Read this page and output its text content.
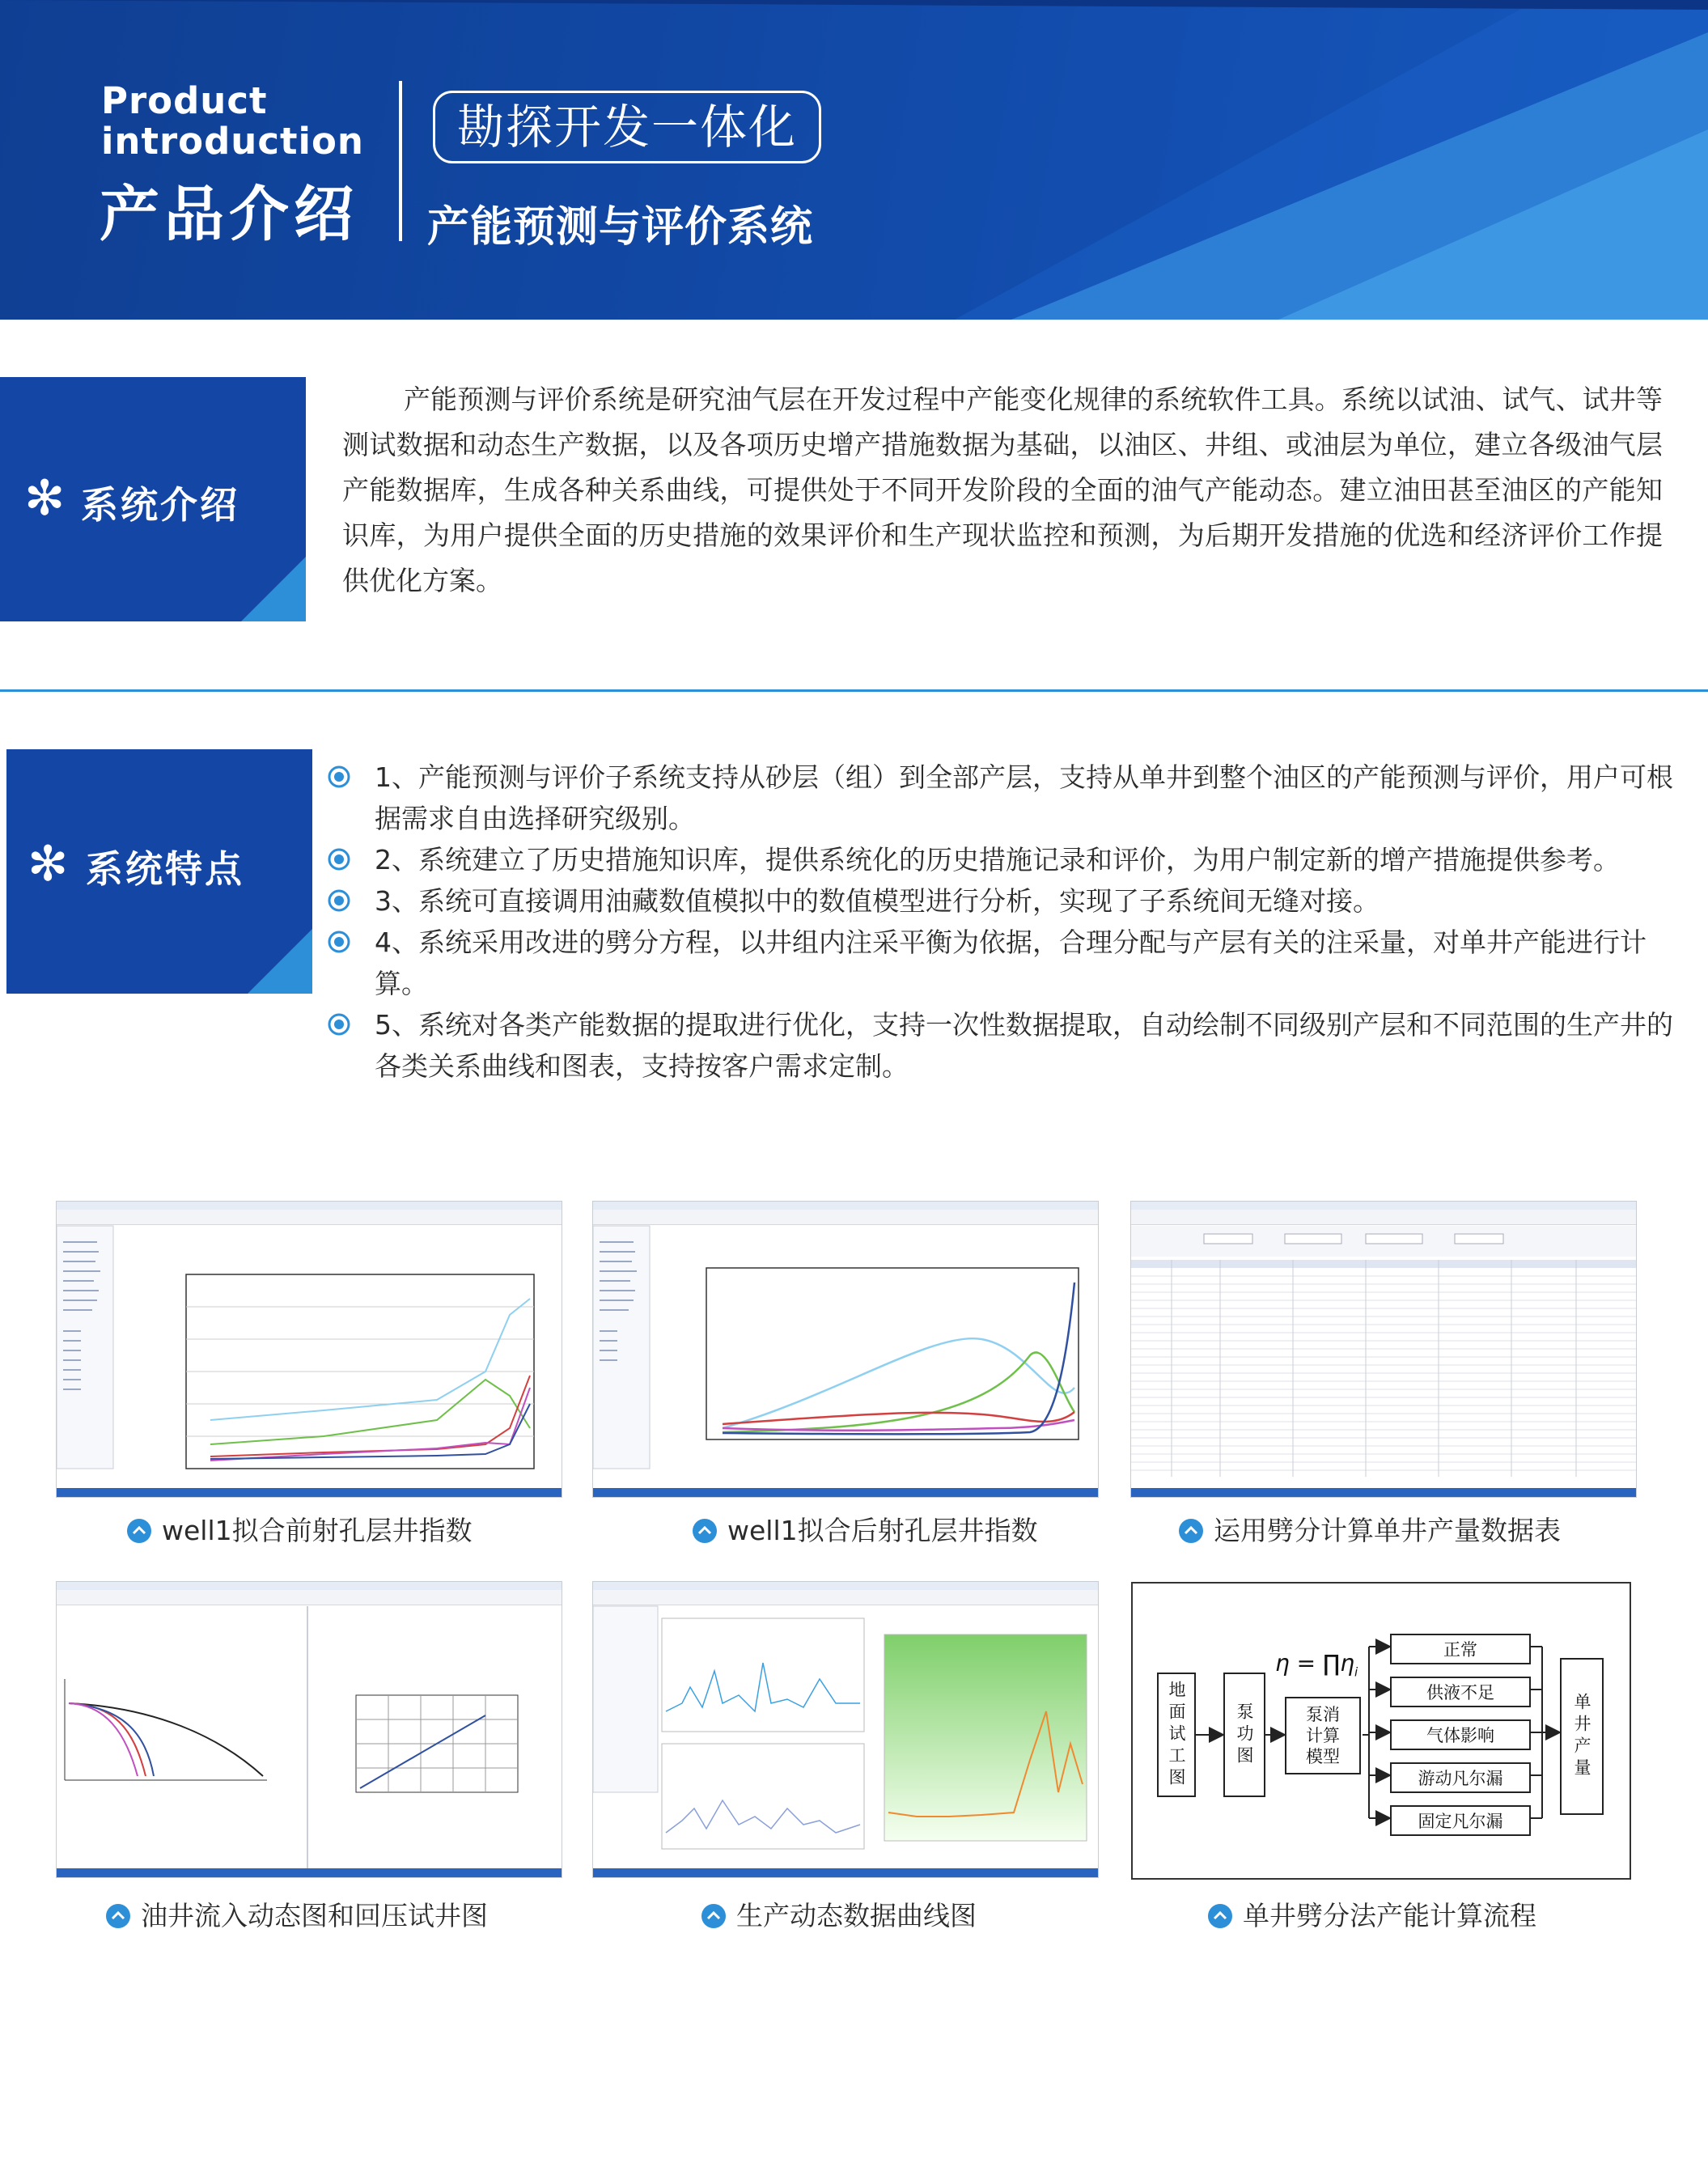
Product
introduction
产品介绍
勘探开发一体化
产能预测与评价系统
✻ 系统介绍
产能预测与评价系统是研究油气层在开发过程中产能变化规律的系统软件工具。系统以试油、试气、试井等测试数据和动态生产数据，以及各项历史增产措施数据为基础，以油区、井组、或油层为单位，建立各级油气层产能数据库，生成各种关系曲线，可提供处于不同开发阶段的全面的油气产能动态。建立油田甚至油区的产能知识库，为用户提供全面的历史措施的效果评价和生产现状监控和预测，为后期开发措施的优选和经济评价工作提供优化方案。
✻ 系统特点
1、产能预测与评价子系统支持从砂层（组）到全部产层，支持从单井到整个油区的产能预测与评价，用户可根据需求自由选择研究级别。
2、系统建立了历史措施知识库，提供系统化的历史措施记录和评价，为用户制定新的增产措施提供参考。
3、系统可直接调用油藏数值模拟中的数值模型进行分析，实现了子系统间无缝对接。
4、系统采用改进的劈分方程，以井组内注采平衡为依据，合理分配与产层有关的注采量，对单井产能进行计算。
5、系统对各类产能数据的提取进行优化，支持一次性数据提取，自动绘制不同级别产层和不同范围的生产井的各类关系曲线和图表，支持按客户需求定制。
well1拟合前射孔层井指数	well1拟合后射孔层井指数	运用劈分计算单井产量数据表
油井流入动态图和回压试井图	生产动态数据曲线图
地面试工图	泵功图
$\eta = \prod\eta_i$
泵消计算模型
正常
供液不足
气体影响
游动凡尔漏
固定凡尔漏
单井产量
单井劈分法产能计算流程
